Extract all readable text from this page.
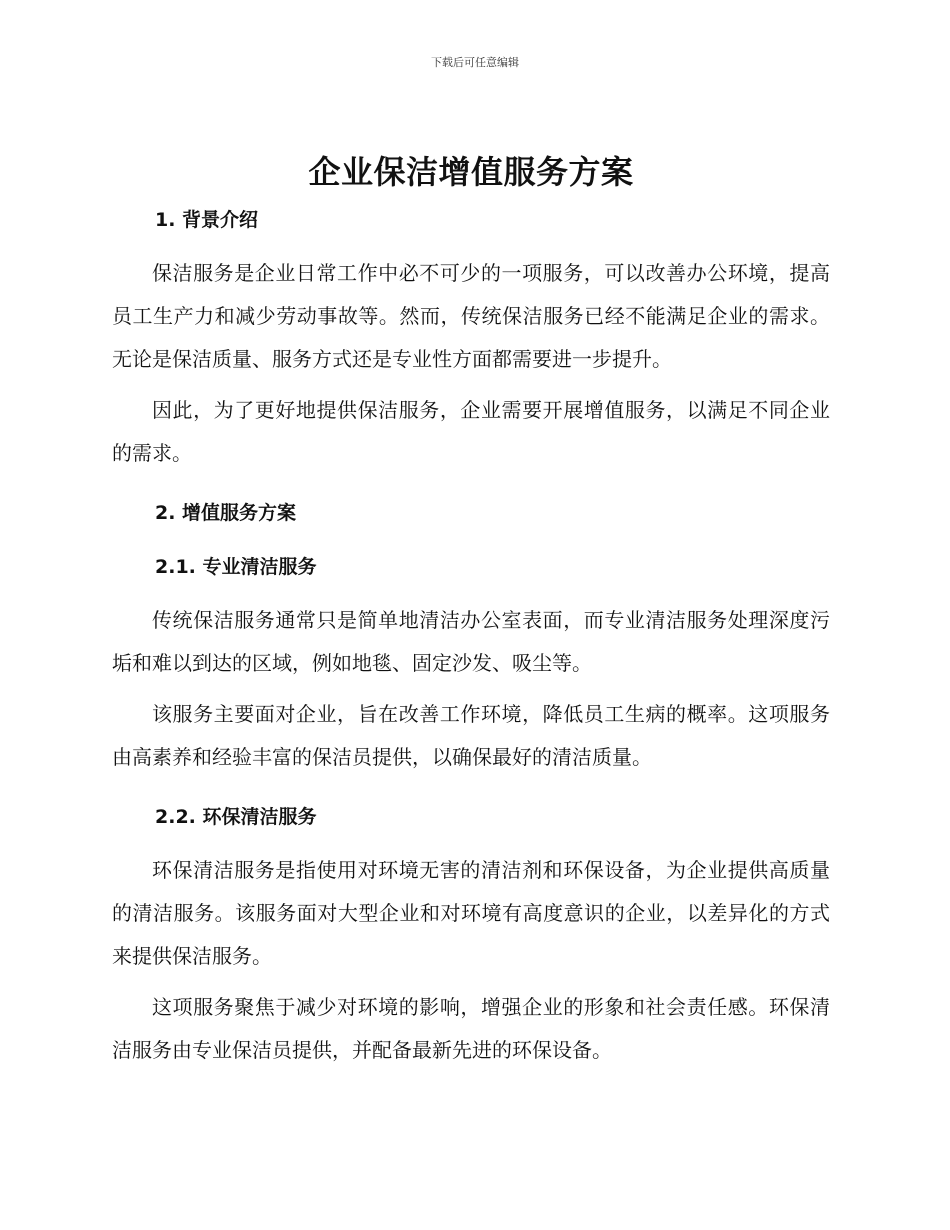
下载后可任意编辑
企业保洁增值服务方案
1. 背景介绍

保洁服务是企业日常工作中必不可少的一项服务，可以改善办公环境，提高员工生产力和减少劳动事故等。然而，传统保洁服务已经不能满足企业的需求。无论是保洁质量、服务方式还是专业性方面都需要进一步提升。

因此，为了更好地提供保洁服务，企业需要开展增值服务，以满足不同企业的需求。

2. 增值服务方案
2.1. 专业清洁服务

传统保洁服务通常只是简单地清洁办公室表面，而专业清洁服务处理深度污垢和难以到达的区域，例如地毯、固定沙发、吸尘等。

该服务主要面对企业，旨在改善工作环境，降低员工生病的概率。这项服务由高素养和经验丰富的保洁员提供，以确保最好的清洁质量。

2.2. 环保清洁服务

环保清洁服务是指使用对环境无害的清洁剂和环保设备，为企业提供高质量的清洁服务。该服务面对大型企业和对环境有高度意识的企业，以差异化的方式来提供保洁服务。

这项服务聚焦于减少对环境的影响，增强企业的形象和社会责任感。环保清洁服务由专业保洁员提供，并配备最新先进的环保设备。
